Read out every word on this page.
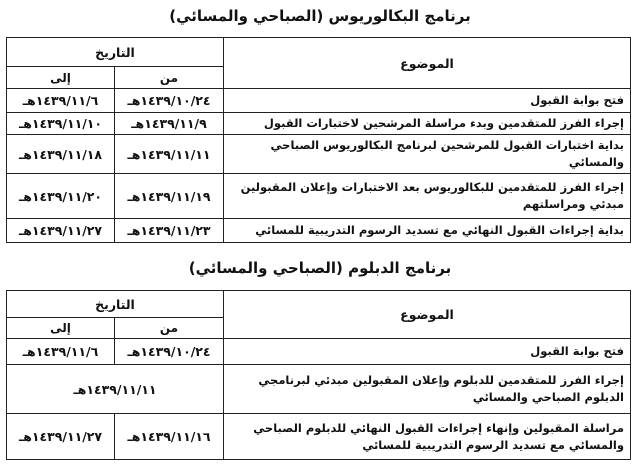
برنامج البكالوريوس (الصباحي والمسائي)
الموضوع	التاريخ	
	من	إلى
فتح بوابة القبول	١٤٣٩/١٠/٢٤هـ	١٤٣٩/١١/٦هـ
إجراء الفرز للمتقدمين وبدء مراسلة المرشحين لاختبارات القبول	١٤٣٩/١١/٩هـ	١٤٣٩/١١/١٠هـ
بداية اختبارات القبول للمرشحين لبرنامج البكالوريوس الصباحي والمسائي	١٤٣٩/١١/١١هـ	١٤٣٩/١١/١٨هـ
إجراء الفرز للمتقدمين للبكالوريوس بعد الاختبارات وإعلان المقبولين مبدئي ومراسلتهم	١٤٣٩/١١/١٩هـ	١٤٣٩/١١/٢٠هـ
بداية إجراءات القبول النهائي مع تسديد الرسوم التدريبية للمسائي	١٤٣٩/١١/٢٣هـ	١٤٣٩/١١/٢٧هـ
برنامج الدبلوم (الصباحي والمسائي)
الموضوع	التاريخ	
	من	إلى
فتح بوابة القبول	١٤٣٩/١٠/٢٤هـ	١٤٣٩/١١/٦هـ
إجراء الفرز للمتقدمين للدبلوم وإعلان المقبولين مبدئي لبرنامجي الدبلوم الصباحي والمسائي	١٤٣٩/١١/١١هـ	
مراسلة المقبولين وإنهاء إجراءات القبول النهائي للدبلوم الصباحي والمسائي مع تسديد الرسوم التدريبية للمسائي	١٤٣٩/١١/١٦هـ	١٤٣٩/١١/٢٧هـ
